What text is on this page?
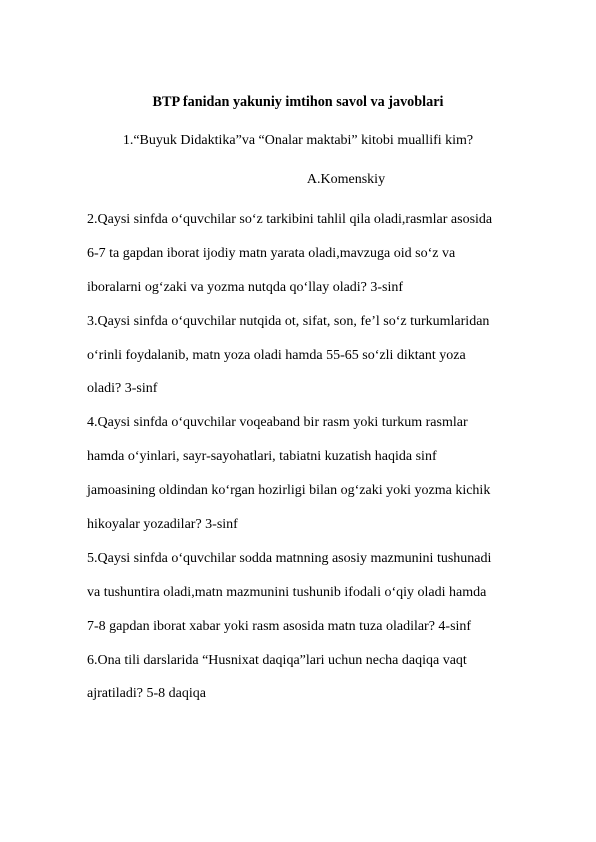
BTP fanidan yakuniy imtihon savol va javoblari
1.“Buyuk Didaktika”va “Onalar maktabi” kitobi muallifi kim?
A.Komenskiy
2.Qaysi sinfda o‘quvchilar so‘z tarkibini tahlil qila oladi,rasmlar asosida
6-7 ta gapdan iborat ijodiy matn yarata oladi,mavzuga oid so‘z va
iboralarni og‘zaki va yozma nutqda qo‘llay oladi? 3-sinf
3.Qaysi sinfda o‘quvchilar nutqida ot, sifat, son, fe’l so‘z turkumlaridan
o‘rinli foydalanib, matn yoza oladi hamda 55-65 so‘zli diktant yoza
oladi? 3-sinf
4.Qaysi sinfda o‘quvchilar voqeaband bir rasm yoki turkum rasmlar
hamda o‘yinlari, sayr-sayohatlari, tabiatni kuzatish haqida sinf
jamoasining oldindan ko‘rgan hozirligi bilan og‘zaki yoki yozma kichik
hikoyalar yozadilar? 3-sinf
5.Qaysi sinfda o‘quvchilar sodda matnning asosiy mazmunini tushunadi
va tushuntira oladi,matn mazmunini tushunib ifodali o‘qiy oladi hamda
7-8 gapdan iborat xabar yoki rasm asosida matn tuza oladilar? 4-sinf
6.Ona tili darslarida “Husnixat daqiqa”lari uchun necha daqiqa vaqt
ajratiladi? 5-8 daqiqa
